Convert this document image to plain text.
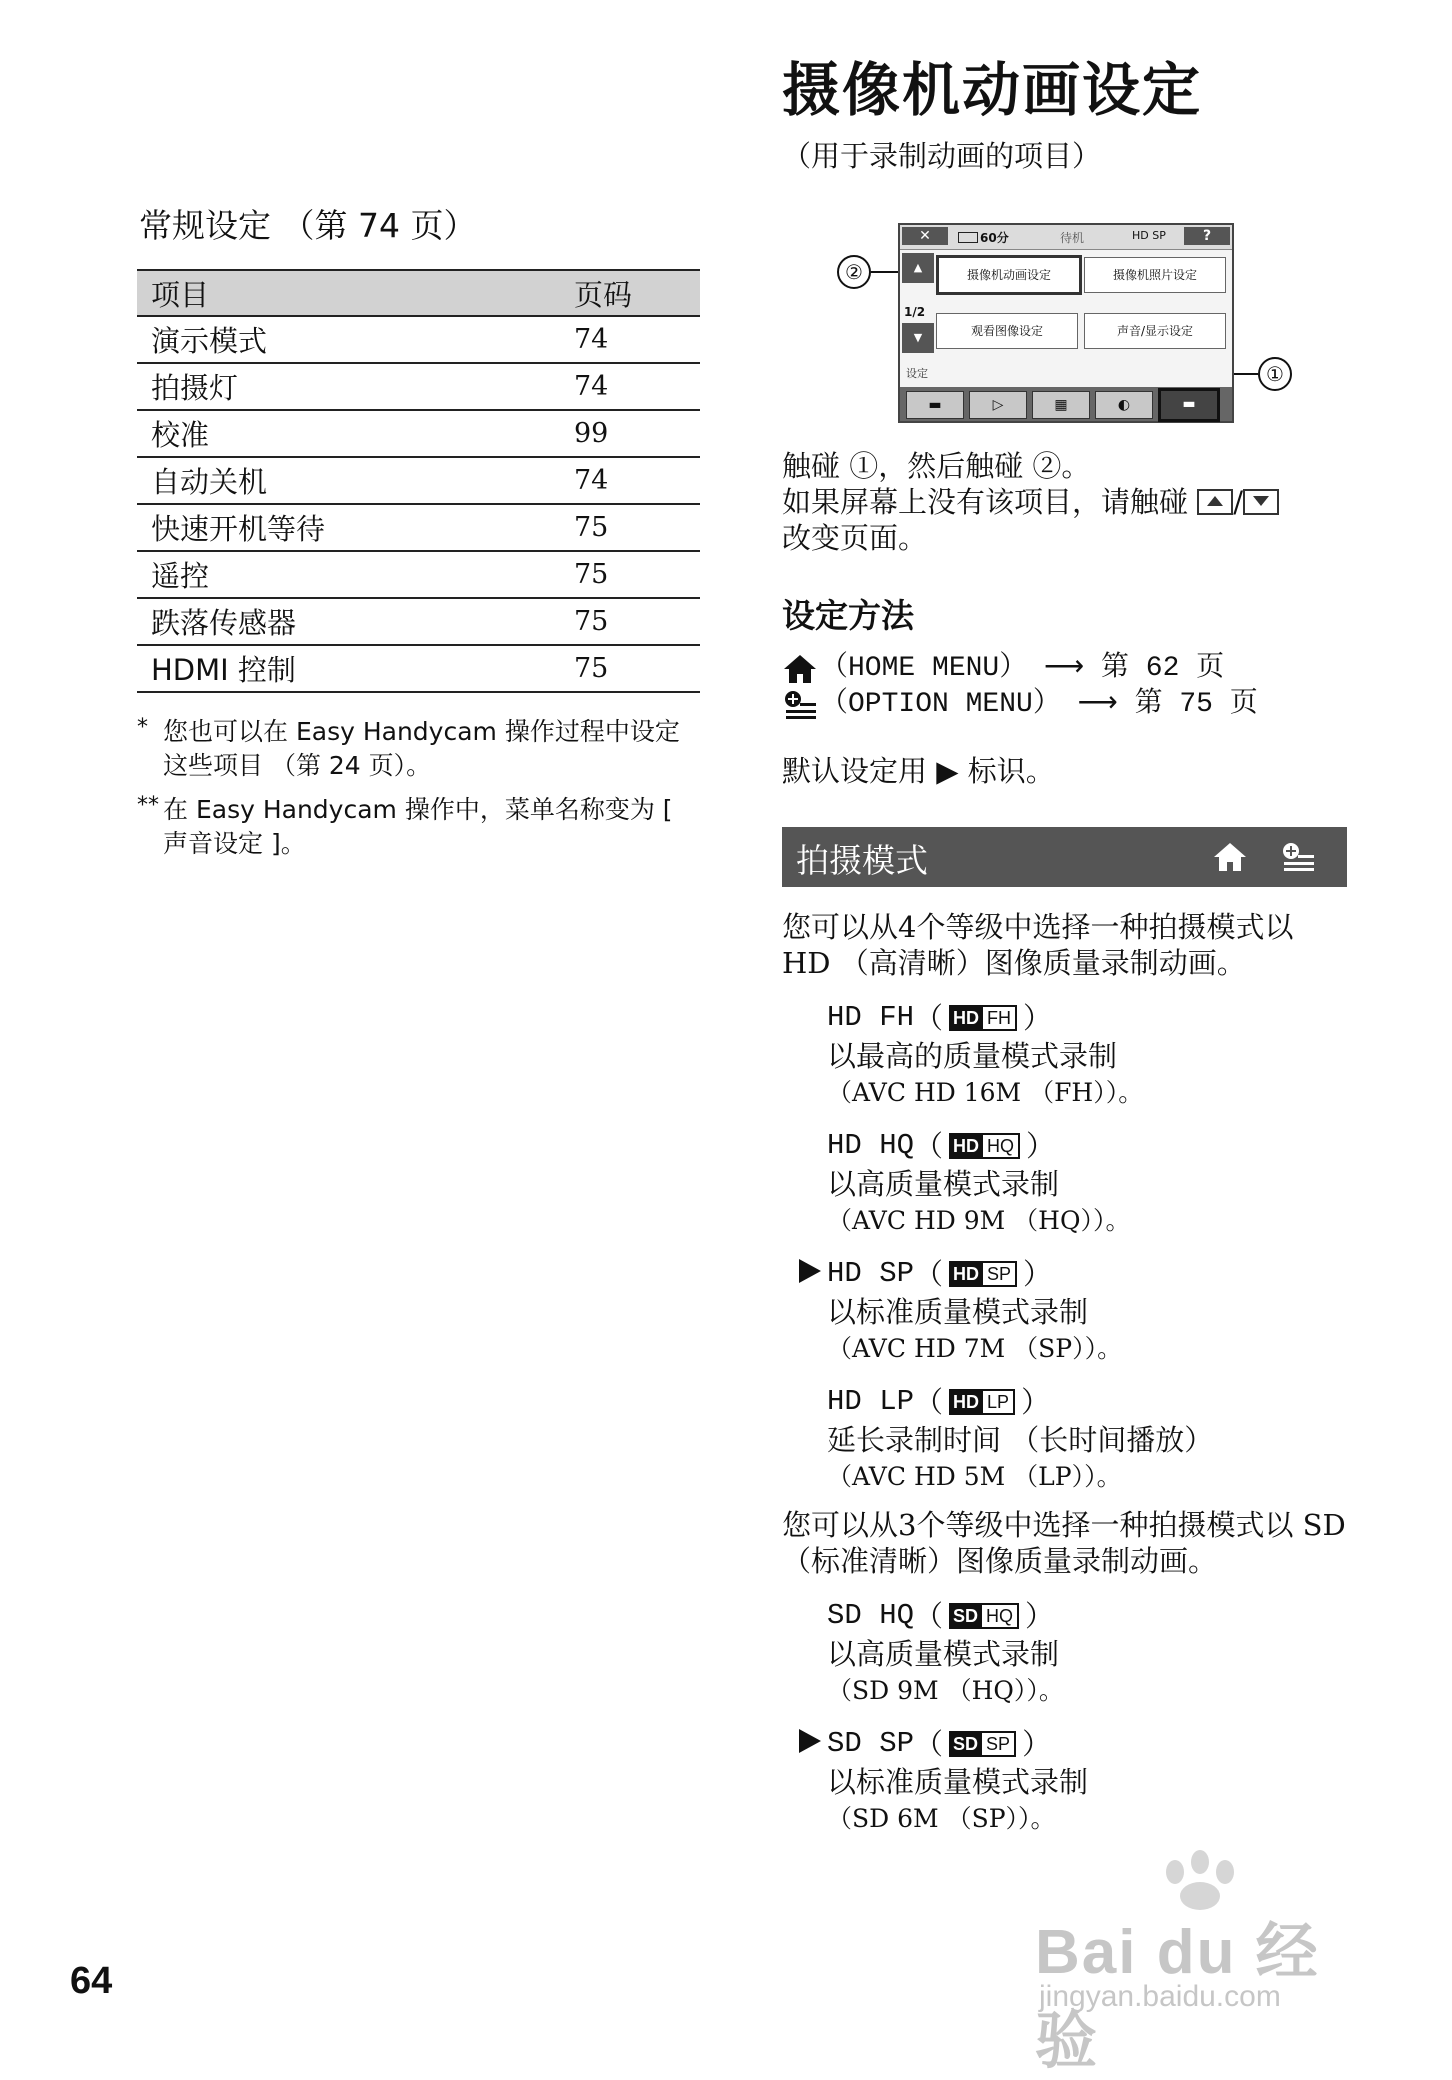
常规设定 （第 74 页）
项目	页码
演示模式	74
拍摄灯	74
校准	99
自动关机	74
快速开机等待	75
遥控	75
跌落传感器	75
HDMI 控制	75
* 您也可以在 Easy Handycam 操作过程中设定这些项目 （第 24 页）。
** 在 Easy Handycam 操作中，菜单名称变为 [ 声音设定 ]。
摄像机动画设定

（用于录制动画的项目）

②
①
✕	60分	待机	HD SP	?
▲
1/2
▼
摄像机动画设定	摄像机照片设定
观看图像设定	声音/显示设定
设定
▬	▷	▦	◐	▬

触碰 ①，然后触碰 ②。

如果屏幕上没有该项目，请触碰 /

改变页面。

设定方法
（HOME MENU） ⟶ 第 62 页
（OPTION MENU） ⟶ 第 75 页

默认设定用 ▶ 标识。

拍摄模式

您可以从4个等级中选择一种拍摄模式以 HD （高清晰）图像质量录制动画。

HD FH （ HD FH ）
以最高的质量模式录制
（AVC HD 16M （FH））。
HD HQ （ HD HQ ）
以高质量模式录制
（AVC HD 9M （HQ））。
HD SP （ HD SP ）
以标准质量模式录制
（AVC HD 7M （SP））。
HD LP （ HD LP ）
延长录制时间 （长时间播放）
（AVC HD 5M （LP））。

您可以从3个等级中选择一种拍摄模式以 SD （标准清晰）图像质量录制动画。

SD HQ （ SD HQ ）
以高质量模式录制
（SD 9M （HQ））。
SD SP （ SD SP ）
以标准质量模式录制
（SD 6M （SP））。
64	Bai du 经验
jingyan.baidu.com
